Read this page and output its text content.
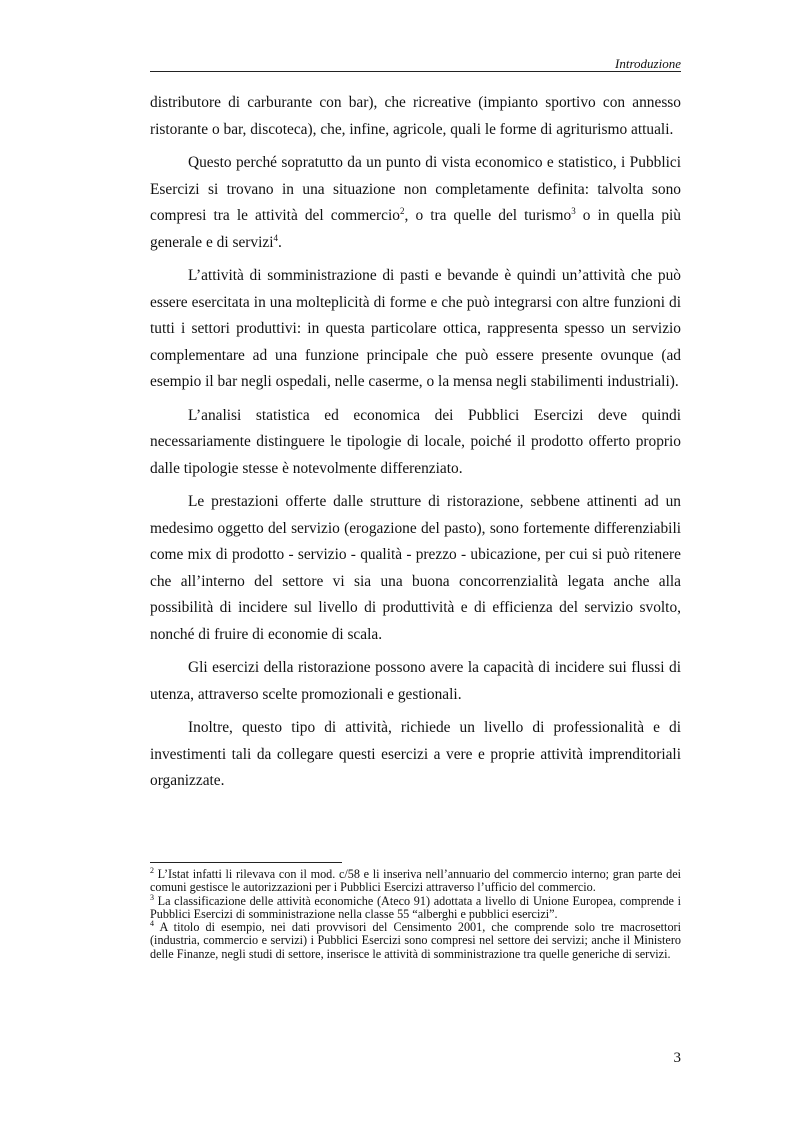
Introduzione

distributore di carburante con bar), che ricreative (impianto sportivo con annesso ristorante o bar, discoteca), che, infine, agricole, quali le forme di agriturismo attuali.

Questo perché sopratutto da un punto di vista economico e statistico, i Pubblici Esercizi si trovano in una situazione non completamente definita: talvolta sono compresi tra le attività del commercio$^2$, o tra quelle del turismo$^3$ o in quella più generale e di servizi$^4$.

L’attività di somministrazione di pasti e bevande è quindi un’attività che può essere esercitata in una molteplicità di forme e che può integrarsi con altre funzioni di tutti i settori produttivi: in questa particolare ottica, rappresenta spesso un servizio complementare ad una funzione principale che può essere presente ovunque (ad esempio il bar negli ospedali, nelle caserme, o la mensa negli stabilimenti industriali).

L’analisi statistica ed economica dei Pubblici Esercizi deve quindi necessariamente distinguere le tipologie di locale, poiché il prodotto offerto proprio dalle tipologie stesse è notevolmente differenziato.

Le prestazioni offerte dalle strutture di ristorazione, sebbene attinenti ad un medesimo oggetto del servizio (erogazione del pasto), sono fortemente differenziabili come mix di prodotto - servizio - qualità - prezzo - ubicazione, per cui si può ritenere che all’interno del settore vi sia una buona concorrenzialità legata anche alla possibilità di incidere sul livello di produttività e di efficienza del servizio svolto, nonché di fruire di economie di scala.

Gli esercizi della ristorazione possono avere la capacità di incidere sui flussi di utenza, attraverso scelte promozionali e gestionali.

Inoltre, questo tipo di attività, richiede un livello di professionalità e di investimenti tali da collegare questi esercizi a vere e proprie attività imprenditoriali organizzate.

$^2$ L’Istat infatti li rilevava con il mod. c/58 e li inseriva nell’annuario del commercio interno; gran parte dei comuni gestisce le autorizzazioni per i Pubblici Esercizi attraverso l’ufficio del commercio.

$^3$ La classificazione delle attività economiche (Ateco 91) adottata a livello di Unione Europea, comprende i Pubblici Esercizi di somministrazione nella classe 55 “alberghi e pubblici esercizi”.

$^4$ A titolo di esempio, nei dati provvisori del Censimento 2001, che comprende solo tre macrosettori (industria, commercio e servizi) i Pubblici Esercizi sono compresi nel settore dei servizi; anche il Ministero delle Finanze, negli studi di settore, inserisce le attività di somministrazione tra quelle generiche di servizi.

3
